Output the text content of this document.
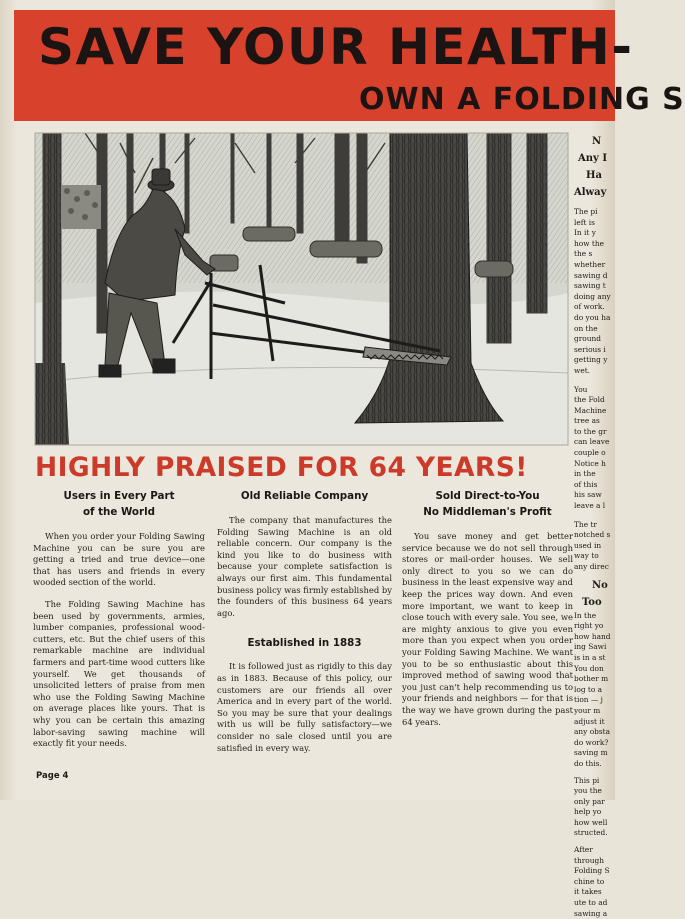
SAVE YOUR HEALTH-
OWN A FOLDING S
N
Any I
Ha
Alway
The pi
left is
In it y
how the
the s
whether
sawing d
sawing t
doing any
of work.
do you ha
on the
ground
serious i
getting y
wet.
You
the Fold
Machine
tree as
to the gr
can leave
couple o
Notice h
in the
of this
his saw
leave a l
The tr
notched s
used in
way to
any direc
No
Too
In the
right yo
how hand
ing Sawi
is in a st
You don
bother m
log to a
tion — j
your m
adjust it
any obsta
do work?
saving m
do this.
This pi
you the
only par
help yo
how well
structed.
After
through
Folding S
chine to
it takes
ute to ad
sawing a
HIGHLY PRAISED FOR 64 YEARS!
Users in Every Part
of the World

When you order your Folding Sawing Machine you can be sure you are getting a tried and true device—one that has users and friends in every wooded section of the world.

The Folding Sawing Machine has been used by governments, armies, lumber companies, professional wood-cutters, etc. But the chief users of this remarkable machine are individual farmers and part-time wood cutters like yourself. We get thousands of unsolicited letters of praise from men who use the Folding Sawing Machine on average places like yours. That is why you can be certain this amazing labor-saving sawing machine will exactly fit your needs.

Old Reliable Company

The company that manufactures the Folding Sawing Machine is an old reliable concern. Our company is the kind you like to do business with because your complete satisfaction is always our first aim. This fundamental business policy was firmly established by the founders of this business 64 years ago.

Established in 1883

It is followed just as rigidly to this day as in 1883. Because of this policy, our customers are our friends all over America and in every part of the world. So you may be sure that your dealings with us will be fully satisfactory—we consider no sale closed until you are satisfied in every way.

Sold Direct-to-You
No Middleman's Profit

You save money and get better service because we do not sell through stores or mail-order houses. We sell only direct to you so we can do business in the least expensive way and keep the prices way down. And even more important, we want to keep in close touch with every sale. You see, we are mighty anxious to give you even more than you expect when you order your Folding Sawing Machine. We want you to be so enthusiastic about this improved method of sawing wood that you just can't help recommending us to your friends and neighbors — for that is the way we have grown during the past 64 years.

Page 4
